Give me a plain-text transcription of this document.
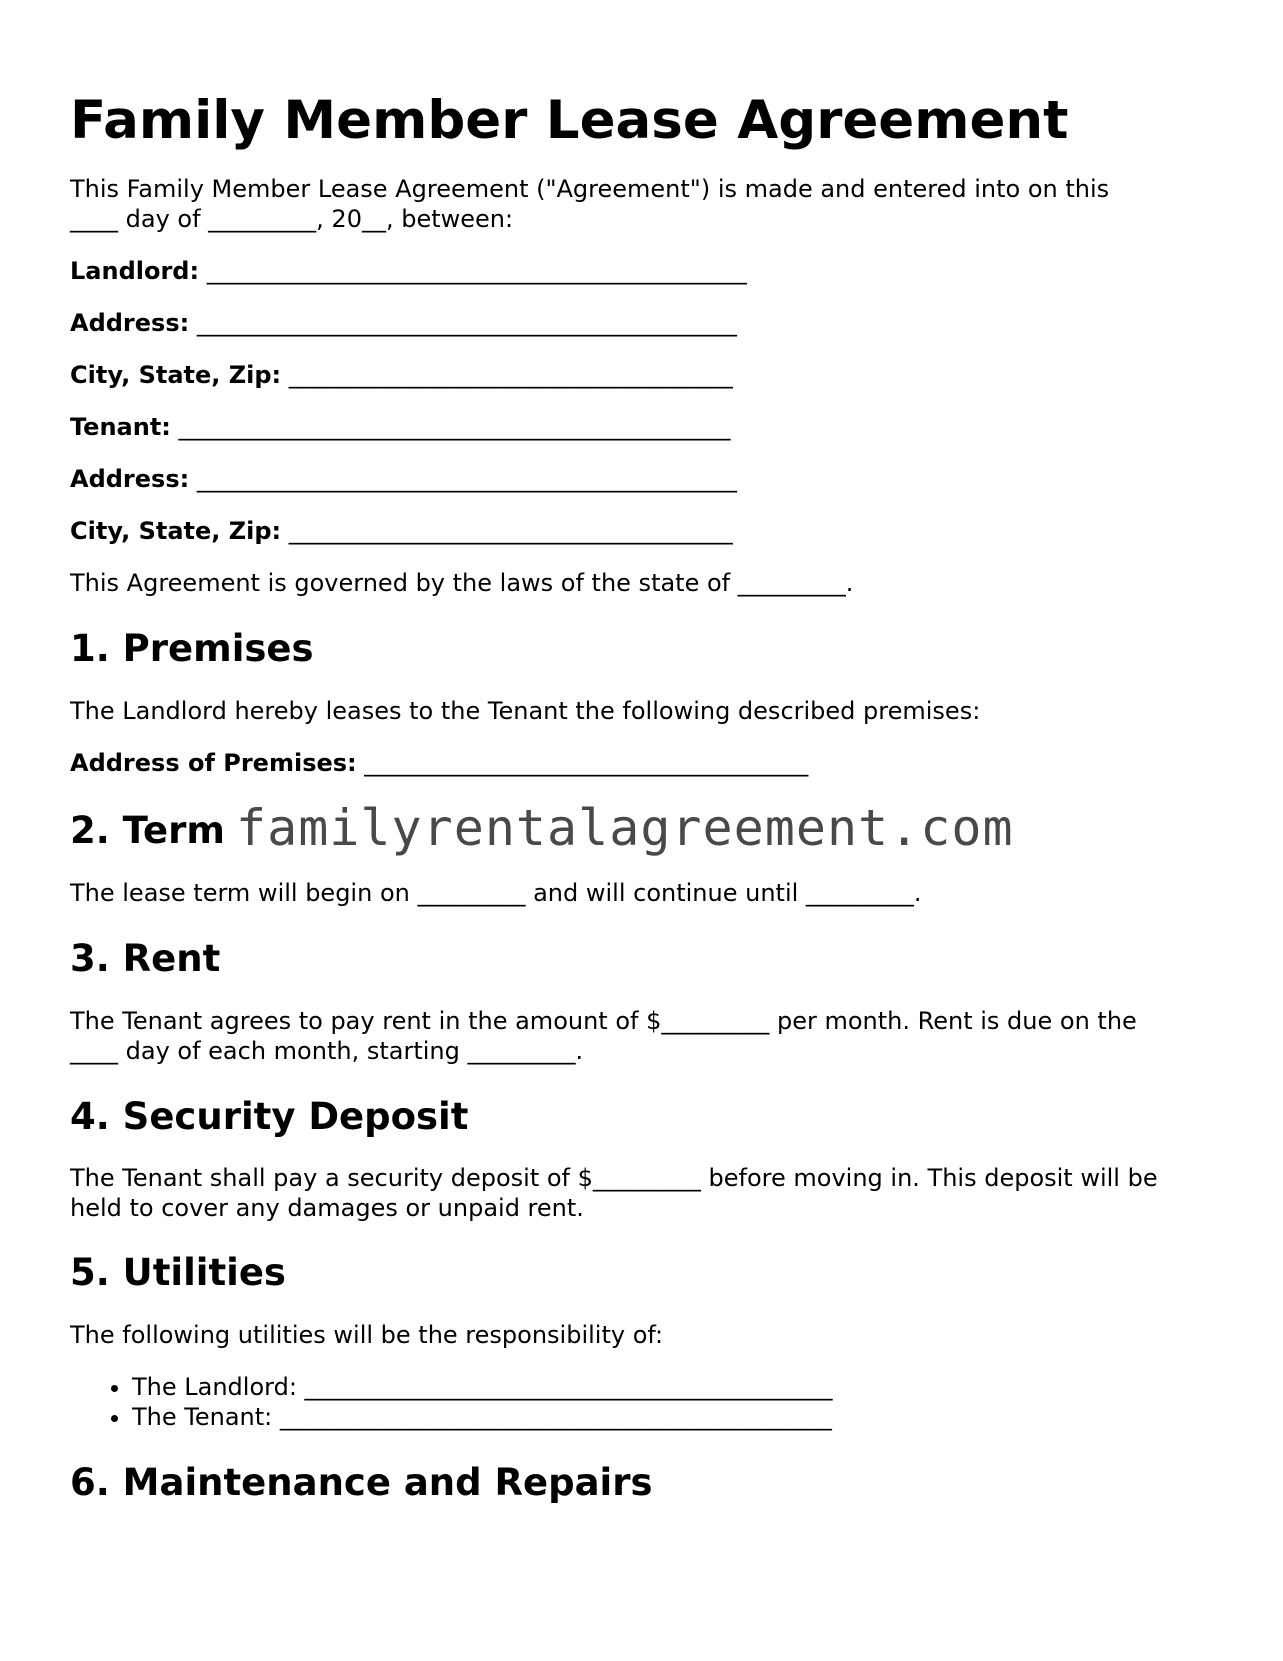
Family Member Lease Agreement

This Family Member Lease Agreement ("Agreement") is made and entered into on this
____ day of _________, 20__, between:

Landlord: _____________________________________________

Address: _____________________________________________

City, State, Zip: _____________________________________

Tenant: ______________________________________________

Address: _____________________________________________

City, State, Zip: _____________________________________

This Agreement is governed by the laws of the state of _________.

1. Premises

The Landlord hereby leases to the Tenant the following described premises:

Address of Premises: _____________________________________

2. Term

The lease term will begin on _________ and will continue until _________.

3. Rent

The Tenant agrees to pay rent in the amount of $_________ per month. Rent is due on the
____ day of each month, starting _________.

4. Security Deposit

The Tenant shall pay a security deposit of $_________ before moving in. This deposit will be
held to cover any damages or unpaid rent.

5. Utilities

The following utilities will be the responsibility of:

• The Landlord: ____________________________________________
• The Tenant: ______________________________________________
6. Maintenance and Repairs
familyrentalagreement.com
